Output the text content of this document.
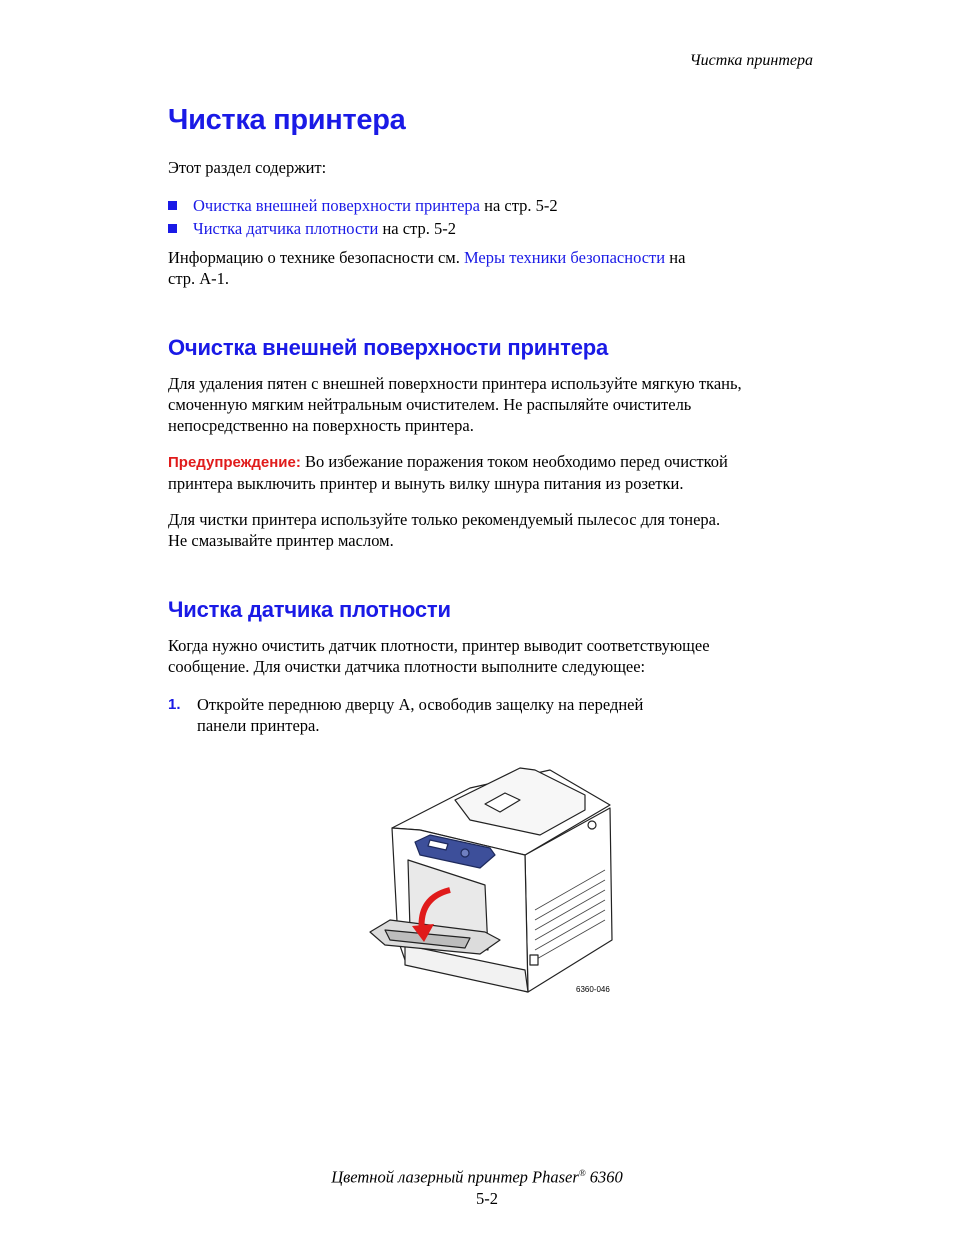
Чистка принтера
Чистка принтера

Этот раздел содержит:

Очистка внешней поверхности принтера на стр. 5-2
Чистка датчика плотности на стр. 5-2

Информацию о технике безопасности см. Меры техники безопасности на
стр. A-1.

Очистка внешней поверхности принтера

Для удаления пятен с внешней поверхности принтера используйте мягкую ткань,
смоченную мягким нейтральным очистителем. Не распыляйте очиститель
непосредственно на поверхность принтера.

Предупреждение: Во избежание поражения током необходимо перед очисткой
принтера выключить принтер и вынуть вилку шнура питания из розетки.

Для чистки принтера используйте только рекомендуемый пылесос для тонера.
Не смазывайте принтер маслом.

Чистка датчика плотности

Когда нужно очистить датчик плотности, принтер выводит соответствующее
сообщение. Для очистки датчика плотности выполните следующее:

1. Откройте переднюю дверцу A, освободив защелку на передней
панели принтера.
6360-046
Цветной лазерный принтер Phaser® 6360
5-2
